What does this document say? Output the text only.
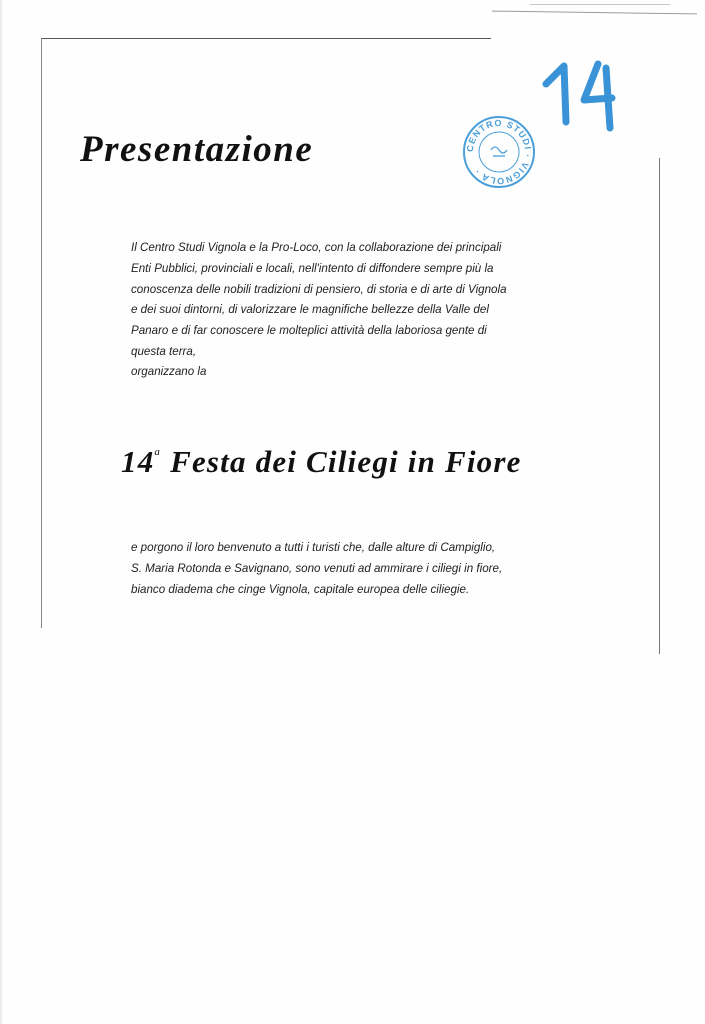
CENTRO STUDI · VIGNOLA ·
Presentazione

Il Centro Studi Vignola e la Pro-Loco, con la collaborazione dei principali

Enti Pubblici, provinciali e locali, nell'intento di diffondere sempre più la

conoscenza delle nobili tradizioni di pensiero, di storia e di arte di Vignola

e dei suoi dintorni, di valorizzare le magnifiche bellezze della Valle del

Panaro e di far conoscere le molteplici attività della laboriosa gente di

questa terra,

organizzano la
14$^a$ Festa dei Ciliegi in Fiore

e porgono il loro benvenuto a tutti i turisti che, dalle alture di Campiglio,

S. Maria Rotonda e Savignano, sono venuti ad ammirare i ciliegi in fiore,

bianco diadema che cinge Vignola, capitale europea delle ciliegie.
